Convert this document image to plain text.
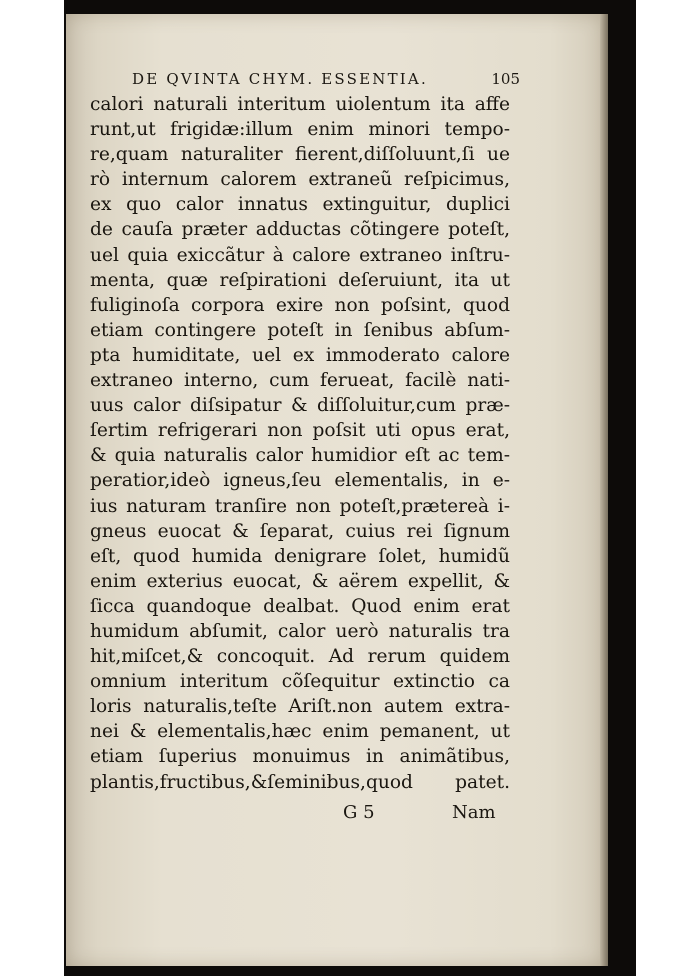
DE QVINTA CHYM. ESSENTIA.	105
calori naturali interitum uiolentum ita affe
runt,ut frigidæ:illum enim minori tempo-
re,quam naturaliter fierent,diſſoluunt,ſi ue
rò internum calorem extraneũ reſpicimus,
ex quo calor innatus extinguitur, duplici
de cauſa præter adductas cõtingere poteſt,
uel quia exiccãtur à calore extraneo inſtru-
menta, quæ reſpirationi deſeruiunt, ita ut
fuliginoſa corpora exire non poſsint, quod
etiam contingere poteſt in ſenibus abſum-
pta humiditate, uel ex immoderato calore
extraneo interno, cum ferueat, facilè nati-
uus calor diſsipatur & diſſoluitur,cum præ-
ſertim refrigerari non poſsit uti opus erat,
& quia naturalis calor humidior eſt ac tem-
peratior,ideò igneus,ſeu elementalis, in e-
ius naturam tranſire non poteſt,prætereà i-
gneus euocat & ſeparat, cuius rei ſignum
eſt, quod humida denigrare ſolet, humidũ
enim exterius euocat, & aërem expellit, &
ſicca quandoque dealbat. Quod enim erat
humidum abſumit, calor uerò naturalis tra
hit,miſcet,& concoquit. Ad rerum quidem
omnium interitum cõſequitur extinctio ca
loris naturalis,teſte Ariſt.non autem extra-
nei & elementalis,hæc enim pemanent, ut
etiam ſuperius monuimus in animãtibus,
plantis,fructibus,&ſeminibus,quod patet.
G 5	Nam
